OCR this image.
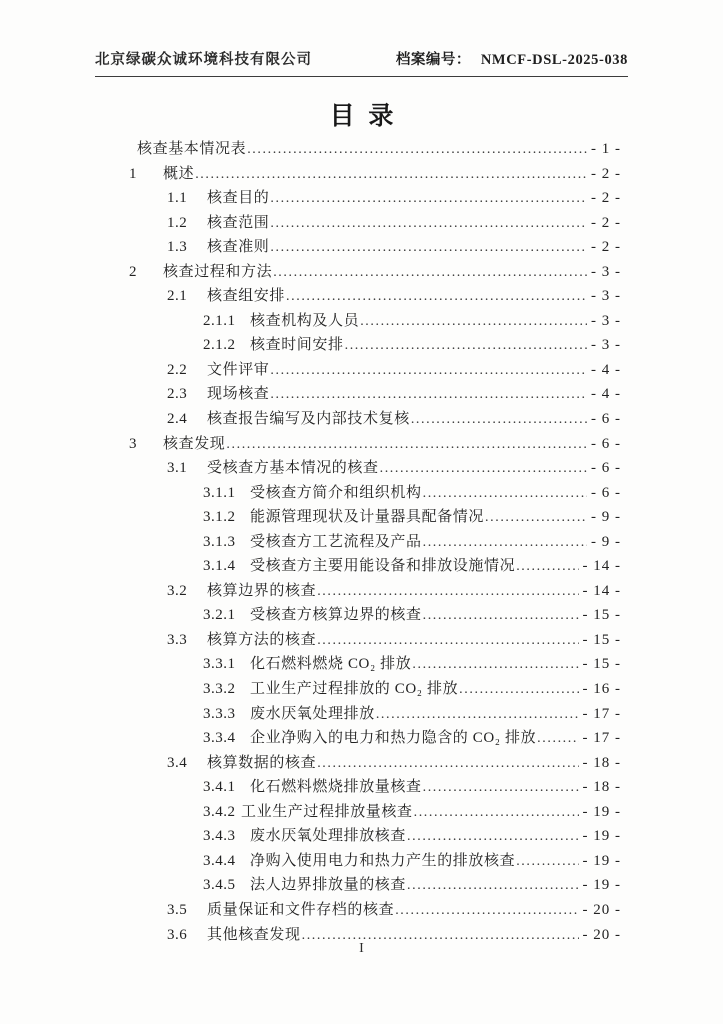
北京绿碳众诚环境科技有限公司	档案编号： NMCF-DSL-2025-038
目录
核查基本情况表 .....	- 1 -
1	概述 .....	- 2 -
1.1	核查目的 .....	- 2 -
1.2	核查范围 .....	- 2 -
1.3	核查准则 .....	- 2 -
2	核查过程和方法 .....	- 3 -
2.1	核查组安排 .....	- 3 -
2.1.1 核查机构及人员 .....	- 3 -
2.1.2 核查时间安排 .....	- 3 -
2.2	文件评审 .....	- 4 -
2.3	现场核查 .....	- 4 -
2.4	核查报告编写及内部技术复核 .....	- 6 -
3	核查发现 .....	- 6 -
3.1	受核查方基本情况的核查 .....	- 6 -
3.1.1 受核查方简介和组织机构 .....	- 6 -
3.1.2 能源管理现状及计量器具配备情况 .....	- 9 -
3.1.3 受核查方工艺流程及产品 .....	- 9 -
3.1.4 受核查方主要用能设备和排放设施情况 .....	- 14 -
3.2	核算边界的核查 .....	- 14 -
3.2.1 受核查方核算边界的核查 .....	- 15 -
3.3	核算方法的核查 .....	- 15 -
3.3.1 化石燃料燃烧 CO₂ 排放 .....	- 15 -
3.3.2 工业生产过程排放的 CO₂ 排放 .....	- 16 -
3.3.3 废水厌氧处理排放 .....	- 17 -
3.3.4 企业净购入的电力和热力隐含的 CO₂ 排放 .....	- 17 -
3.4	核算数据的核查 .....	- 18 -
3.4.1 化石燃料燃烧排放量核查 .....	- 18 -
3.4.2 工业生产过程排放量核查 .....	- 19 -
3.4.3 废水厌氧处理排放核查 .....	- 19 -
3.4.4 净购入使用电力和热力产生的排放核查 .....	- 19 -
3.4.5 法人边界排放量的核查 .....	- 19 -
3.5	质量保证和文件存档的核查 .....	- 20 -
3.6	其他核查发现 .....	- 20 -
I
